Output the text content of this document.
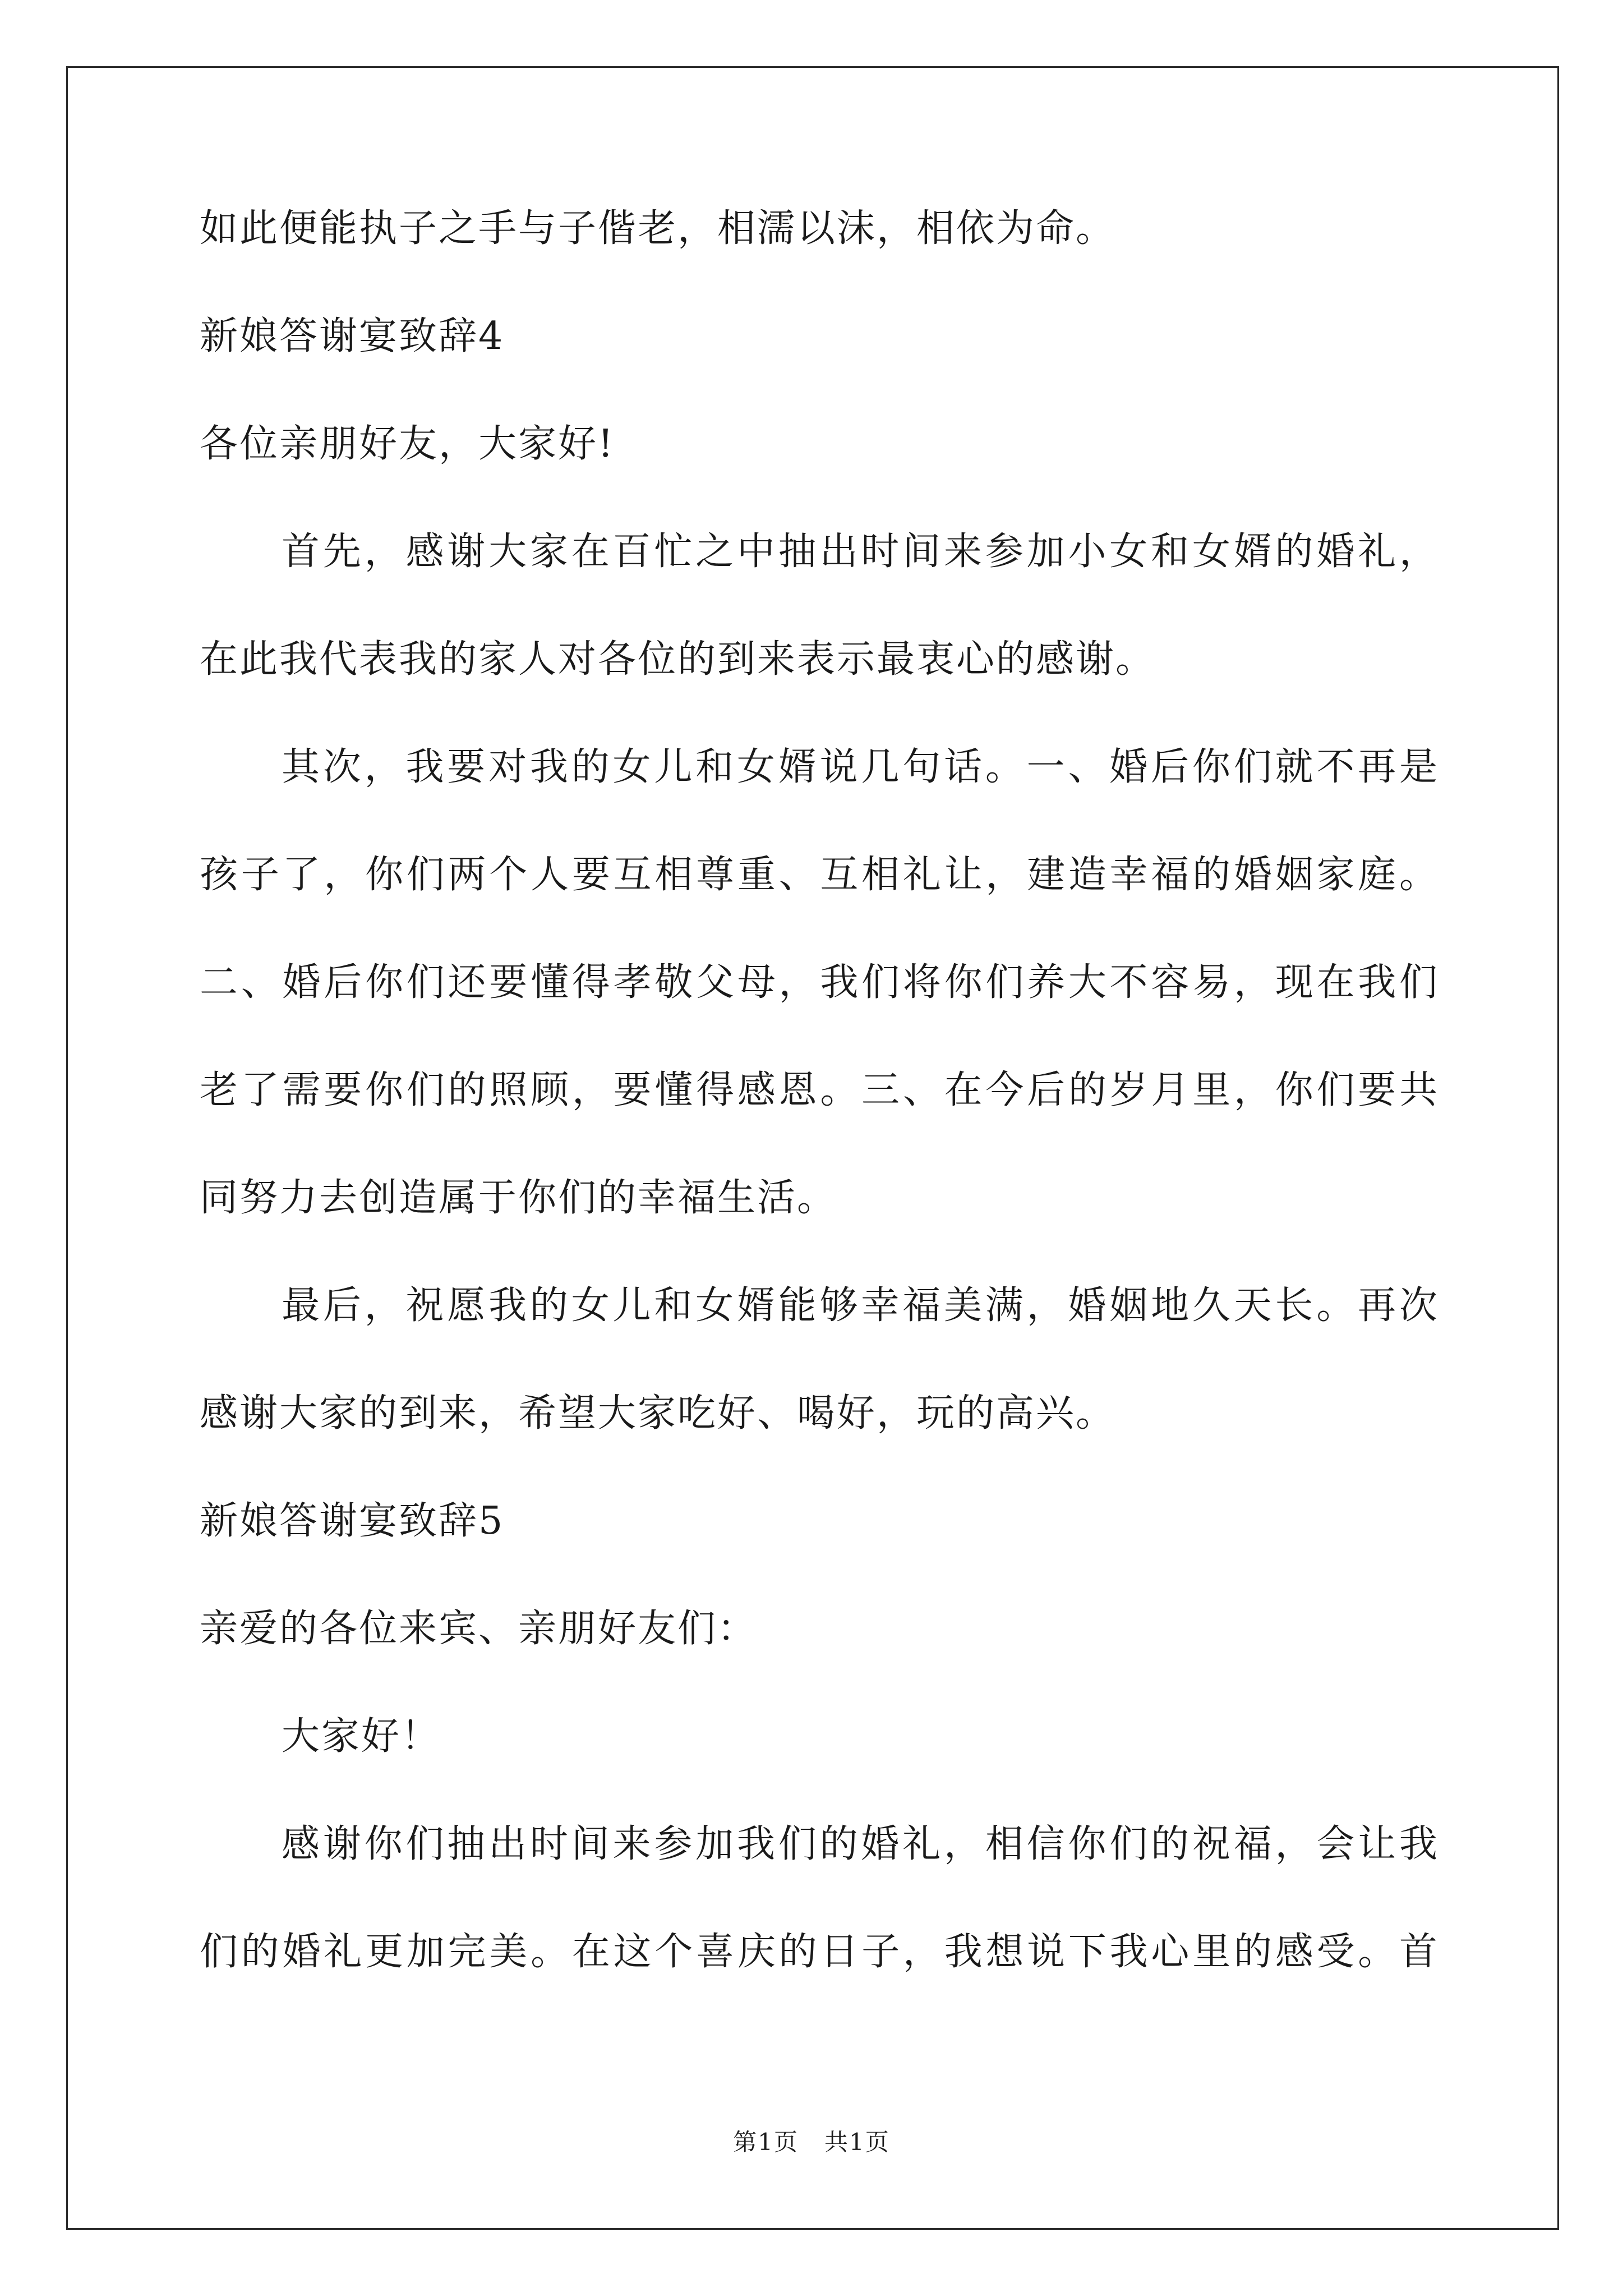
如此便能执子之手与子偕老，相濡以沫，相依为命。
新娘答谢宴致辞4
各位亲朋好友，大家好!
首先，感谢大家在百忙之中抽出时间来参加小女和女婿的婚礼，
在此我代表我的家人对各位的到来表示最衷心的感谢。
其次，我要对我的女儿和女婿说几句话。一、婚后你们就不再是
孩子了，你们两个人要互相尊重、互相礼让，建造幸福的婚姻家庭。
二、婚后你们还要懂得孝敬父母，我们将你们养大不容易，现在我们
老了需要你们的照顾，要懂得感恩。三、在今后的岁月里，你们要共
同努力去创造属于你们的幸福生活。
最后，祝愿我的女儿和女婿能够幸福美满，婚姻地久天长。再次
感谢大家的到来，希望大家吃好、喝好，玩的高兴。
新娘答谢宴致辞5
亲爱的各位来宾、亲朋好友们：
大家好！
感谢你们抽出时间来参加我们的婚礼，相信你们的祝福，会让我
们的婚礼更加完美。在这个喜庆的日子，我想说下我心里的感受。首
第1页 共1页
